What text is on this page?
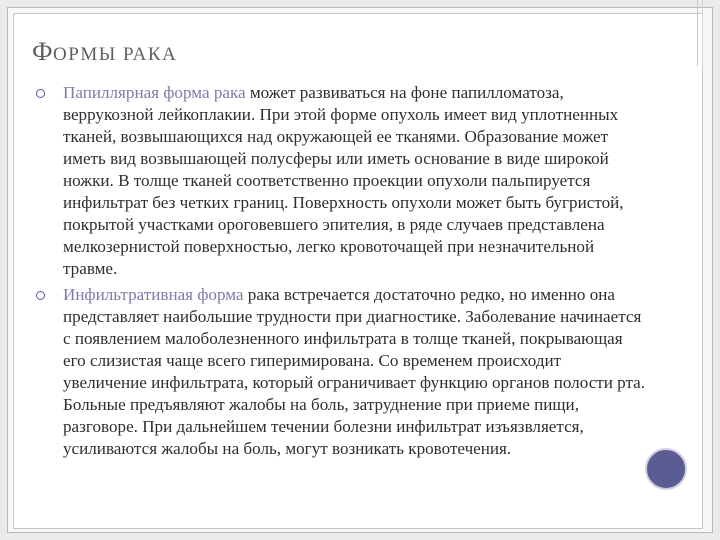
ФОРМЫ РАКА

Папиллярная форма рака может развиваться на фоне папилломатоза, веррукозной лейкоплакии. При этой форме опухоль имеет вид уплотненных тканей, возвышающихся над окружающей ее тканями. Образование может иметь вид возвышающей полусферы или иметь основание в виде широкой ножки. В толще тканей соответственно проекции опухоли пальпируется инфильтрат без четких границ. Поверхность опухоли может быть бугристой, покрытой участками ороговевшего эпителия, в ряде случаев представлена мелкозернистой поверхностью, легко кровоточащей при незначительной травме.

Инфильтративная форма рака встречается достаточно редко, но именно она представляет наибольшие трудности при диагностике. Заболевание начинается с появлением малоболезненного инфильтрата в толще тканей, покрывающая его слизистая чаще всего гиперимирована. Со временем происходит увеличение инфильтрата, который ограничивает функцию органов полости рта. Больные предъявляют жалобы на боль, затруднение при приеме пищи, разговоре. При дальнейшем течении болезни инфильтрат изъязвляется, усиливаются жалобы на боль, могут возникать кровотечения.
